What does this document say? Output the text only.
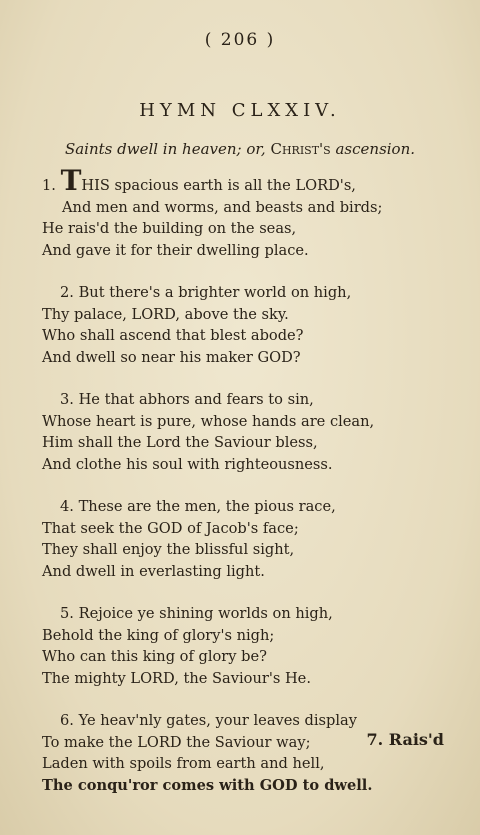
( 206 )
HYMN CLXXIV.
Saints dwell in heaven; or, Christ's ascension.
1. THIS spacious earth is all the LORD's,
And men and worms, and beasts and birds;
He rais'd the building on the seas,
And gave it for their dwelling place.
2. But there's a brighter world on high,
Thy palace, LORD, above the sky.
Who shall ascend that blest abode?
And dwell so near his maker GOD?
3. He that abhors and fears to sin,
Whose heart is pure, whose hands are clean,
Him shall the Lord the Saviour bless,
And clothe his soul with righteousness.
4. These are the men, the pious race,
That seek the GOD of Jacob's face;
They shall enjoy the blissful sight,
And dwell in everlasting light.
5. Rejoice ye shining worlds on high,
Behold the king of glory's nigh;
Who can this king of glory be?
The mighty LORD, the Saviour's He.
6. Ye heav'nly gates, your leaves display
To make the LORD the Saviour way;
Laden with spoils from earth and hell,
The conqu'ror comes with GOD to dwell.
7. Rais'd
